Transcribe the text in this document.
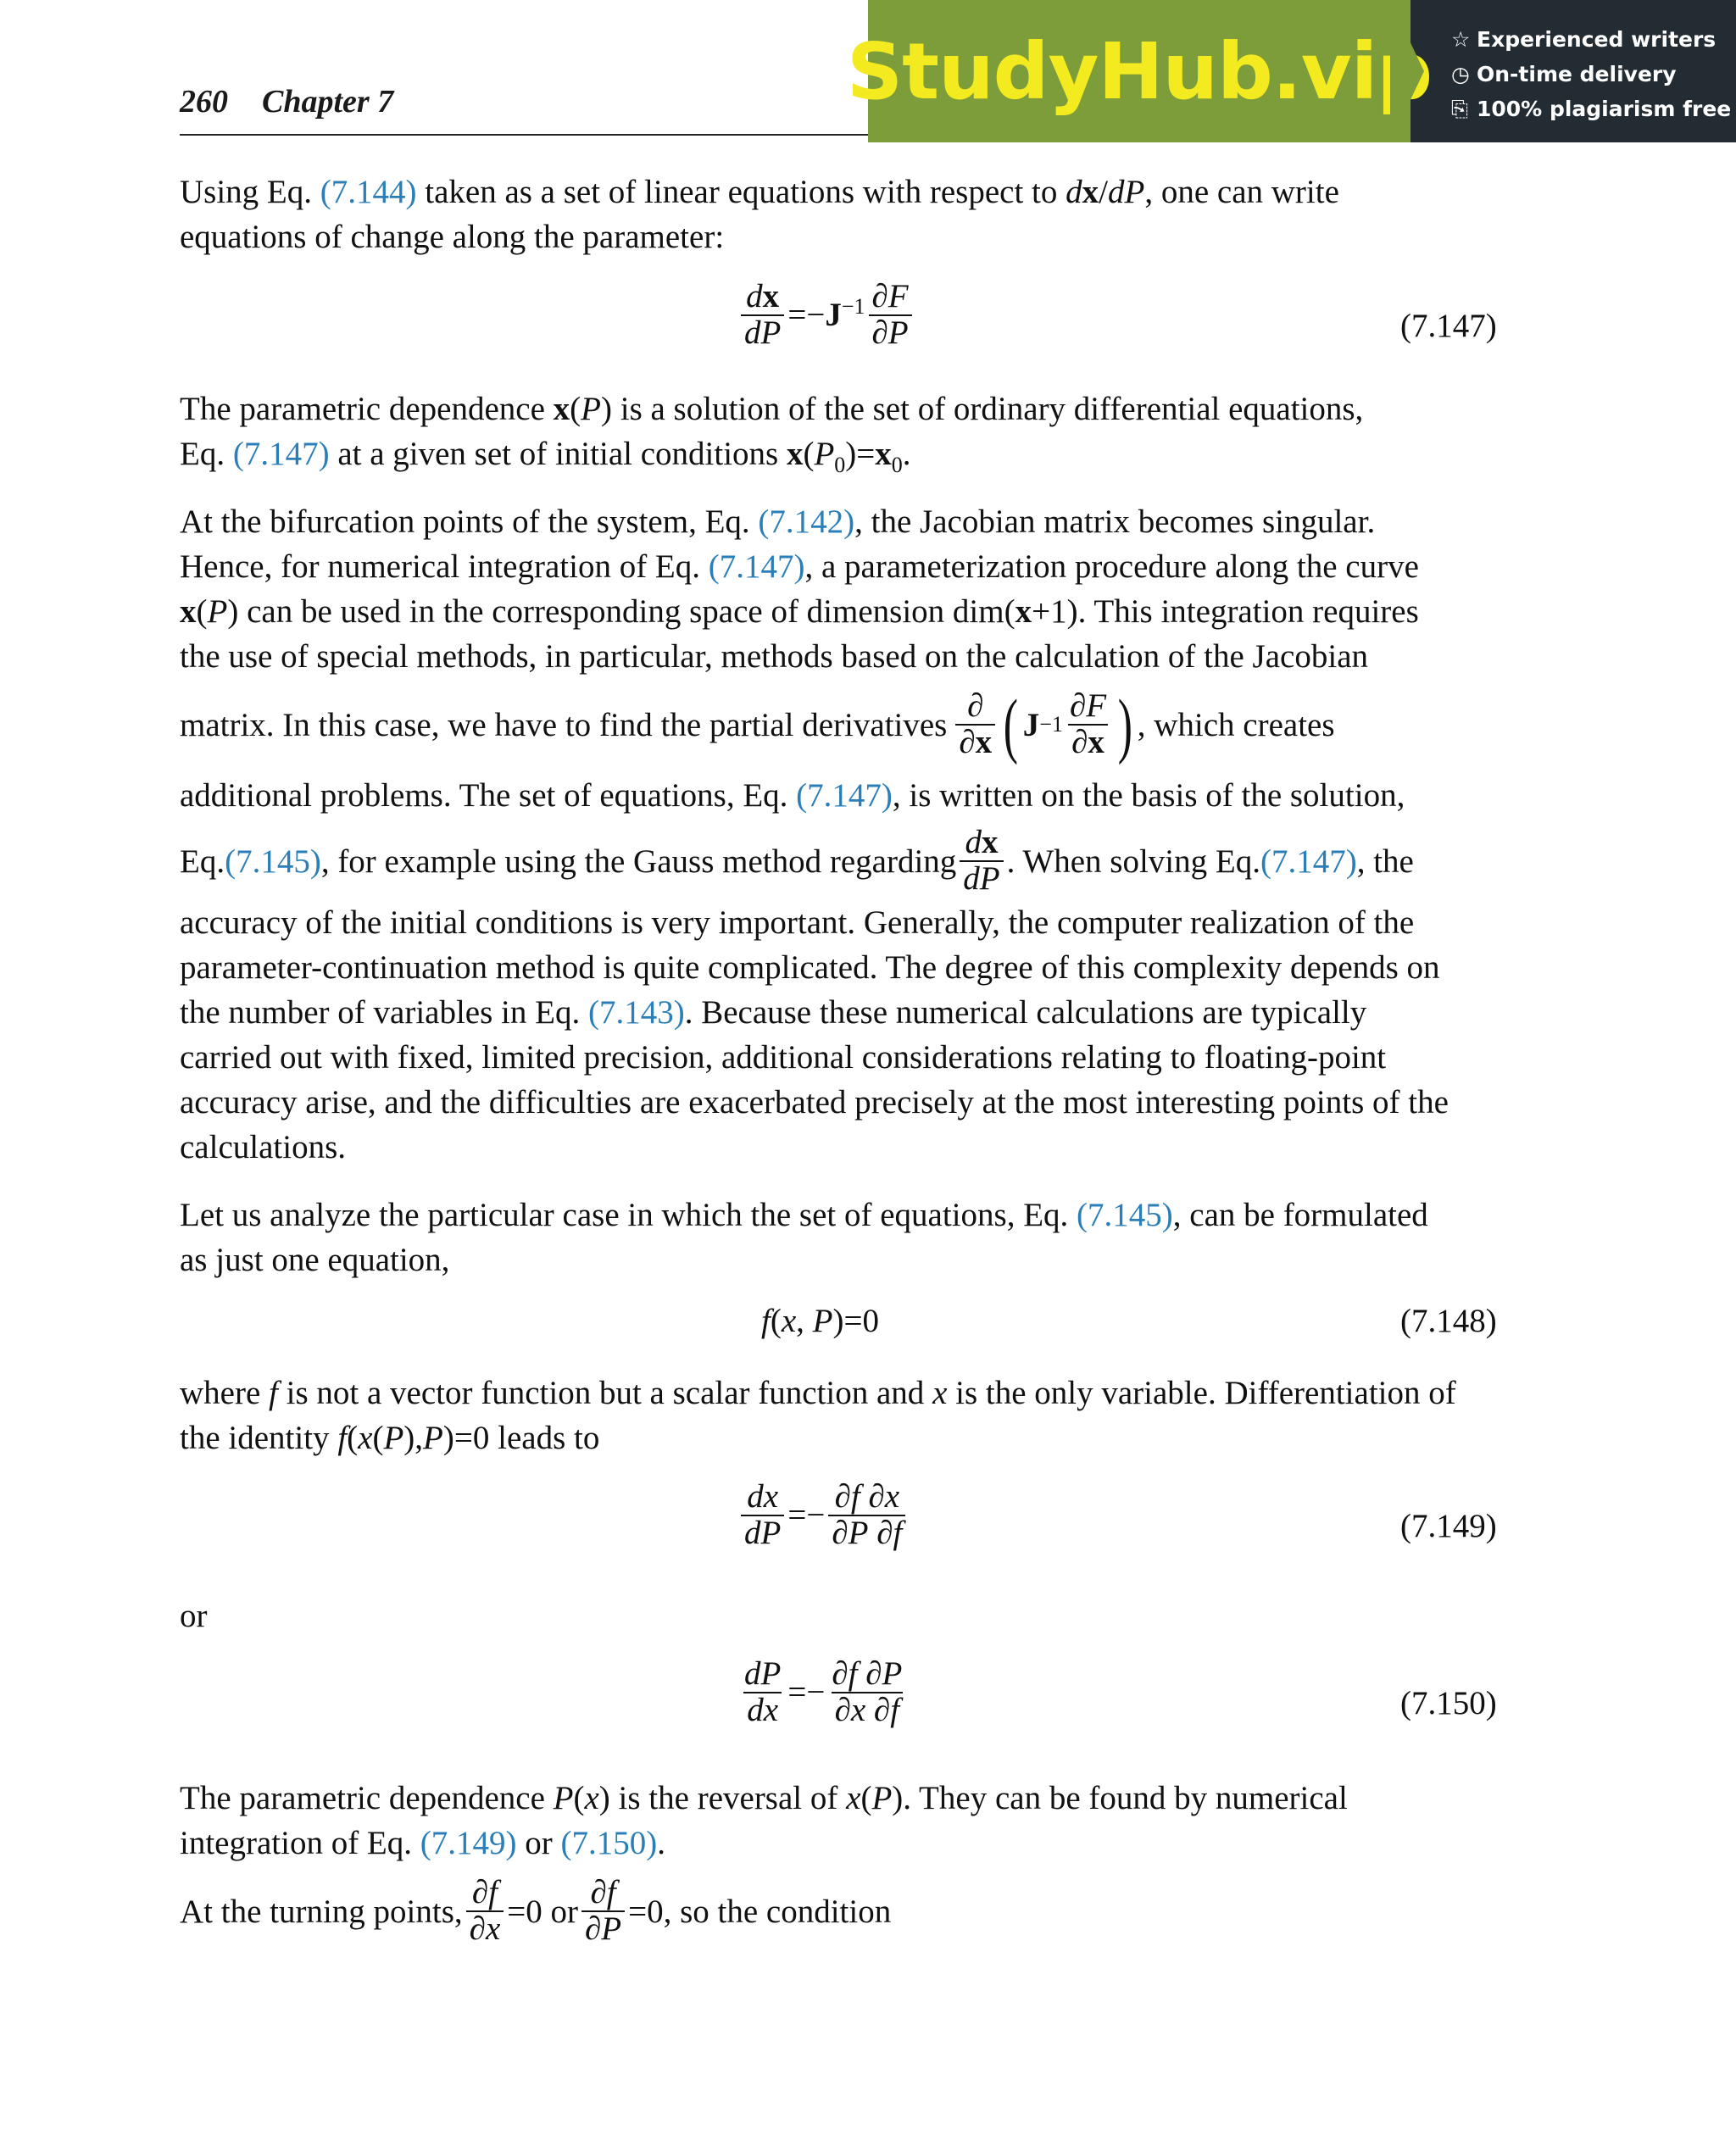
260 Chapter 7	StudyHub.vip ☆ Experienced writers
◷ On-time delivery
⎘ 100% plagiarism free
Using Eq. (7.144) taken as a set of linear equations with respect to dx/dP, one can write
equations of change along the parameter:
$\frac{dx}{dP} =-J^{-1} \frac{\partial F}{\partial P}$	(7.147)
The parametric dependence x(P) is a solution of the set of ordinary differential equations,
Eq. (7.147) at a given set of initial conditions $x(P_0)=x_0$.
At the bifurcation points of the system, Eq. (7.142), the Jacobian matrix becomes singular.
Hence, for numerical integration of Eq. (7.147), a parameterization procedure along the curve
x(P) can be used in the corresponding space of dimension dim(x+1). This integration requires
the use of special methods, in particular, methods based on the calculation of the Jacobian
matrix. In this case, we have to find the partial derivatives $\frac{\partial}{\partial x}$ ( $J -1 \frac{\partial F}{\partial x}$ ) , which creates
additional problems. The set of equations, Eq. (7.147), is written on the basis of the solution,
Eq. (7.145) , for example using the Gauss method regarding $\frac{dx}{dP}$ . When solving Eq. (7.147) , the
accuracy of the initial conditions is very important. Generally, the computer realization of the
parameter-continuation method is quite complicated. The degree of this complexity depends on
the number of variables in Eq. (7.143). Because these numerical calculations are typically
carried out with fixed, limited precision, additional considerations relating to floating-point
accuracy arise, and the difficulties are exacerbated precisely at the most interesting points of the
calculations.
Let us analyze the particular case in which the set of equations, Eq. (7.145), can be formulated
as just one equation,
f(x, P)=0	(7.148)
where f is not a vector function but a scalar function and x is the only variable. Differentiation of
the identity f(x(P),P)=0 leads to
$\frac{dx}{dP} =- \frac{\partial f \partial x}{\partial P \partial f}$	(7.149)
or
$\frac{dP}{dx} =- \frac{\partial f \partial P}{\partial x \partial f}$	(7.150)
The parametric dependence P(x) is the reversal of x(P). They can be found by numerical
integration of Eq. (7.149) or (7.150).
At the turning points, $\frac{\partial f}{\partial x} =0$ or $\frac{\partial f}{\partial P} =0$, so the condition
